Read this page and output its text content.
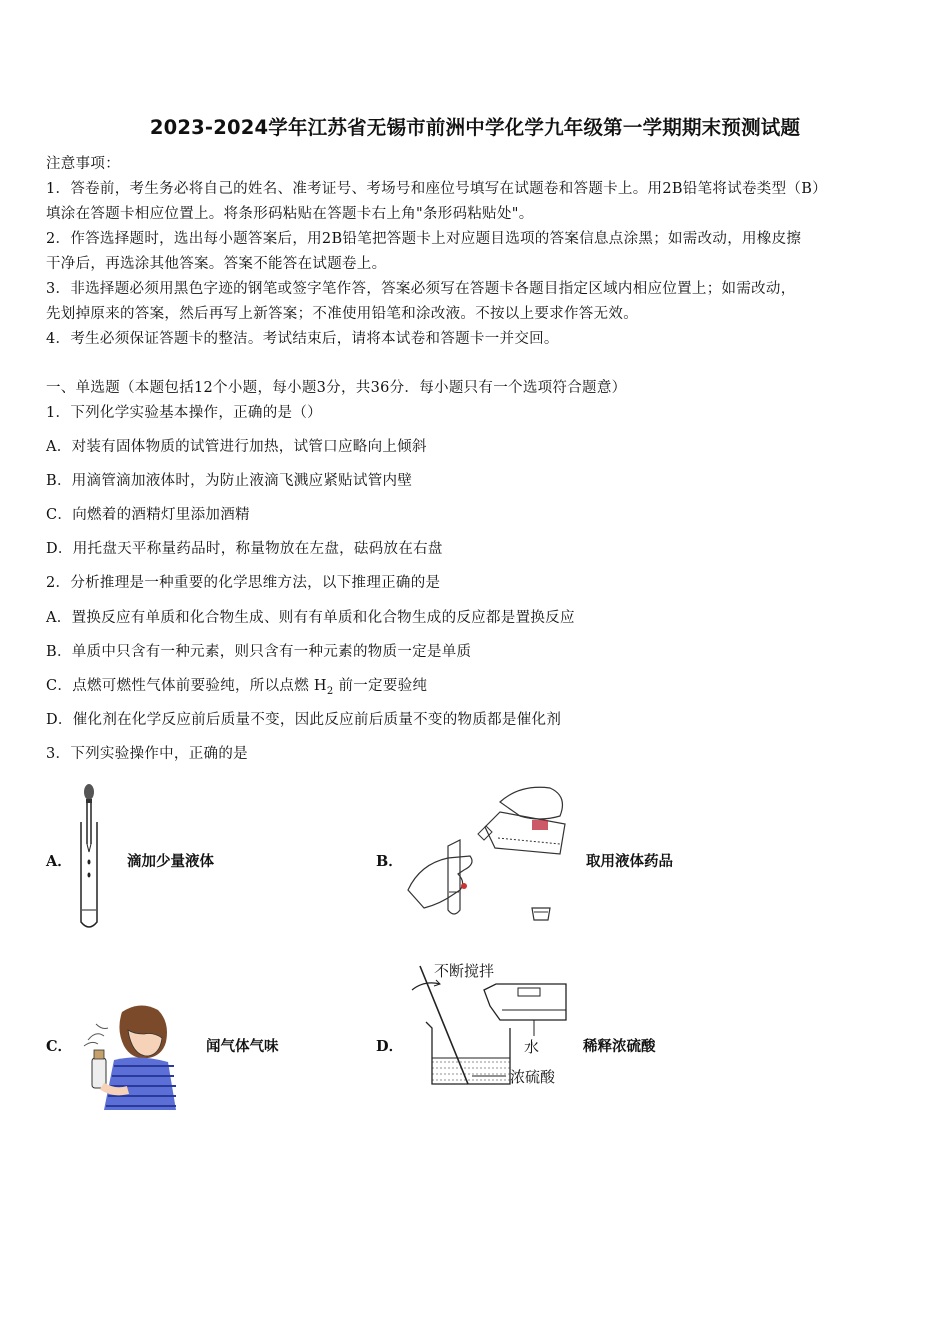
2023-2024学年江苏省无锡市前洲中学化学九年级第一学期期末预测试题
注意事项：
1．答卷前，考生务必将自己的姓名、准考证号、考场号和座位号填写在试题卷和答题卡上。用2B铅笔将试卷类型（B）
填涂在答题卡相应位置上。将条形码粘贴在答题卡右上角"条形码粘贴处"。
2．作答选择题时，选出每小题答案后，用2B铅笔把答题卡上对应题目选项的答案信息点涂黑；如需改动，用橡皮擦
干净后，再选涂其他答案。答案不能答在试题卷上。
3．非选择题必须用黑色字迹的钢笔或签字笔作答，答案必须写在答题卡各题目指定区域内相应位置上；如需改动，
先划掉原来的答案，然后再写上新答案；不准使用铅笔和涂改液。不按以上要求作答无效。
4．考生必须保证答题卡的整洁。考试结束后，请将本试卷和答题卡一并交回。
一、单选题（本题包括12个小题，每小题3分，共36分．每小题只有一个选项符合题意）
1．下列化学实验基本操作，正确的是（）
A．对装有固体物质的试管进行加热，试管口应略向上倾斜
B．用滴管滴加液体时，为防止液滴飞溅应紧贴试管内壁
C．向燃着的酒精灯里添加酒精
D．用托盘天平称量药品时，称量物放在左盘，砝码放在右盘
2．分析推理是一种重要的化学思维方法，以下推理正确的是
A．置换反应有单质和化合物生成、则有有单质和化合物生成的反应都是置换反应
B．单质中只含有一种元素，则只含有一种元素的物质一定是单质
C．点燃可燃性气体前要验纯，所以点燃 $H_2$ 前一定要验纯
D．催化剂在化学反应前后质量不变，因此反应前后质量不变的物质都是催化剂
3．下列实验操作中，正确的是
A．	滴加少量液体	B．	取用液体药品
C．	闻气体气味	D．
不断搅拌
水
浓硫酸
稀释浓硫酸
